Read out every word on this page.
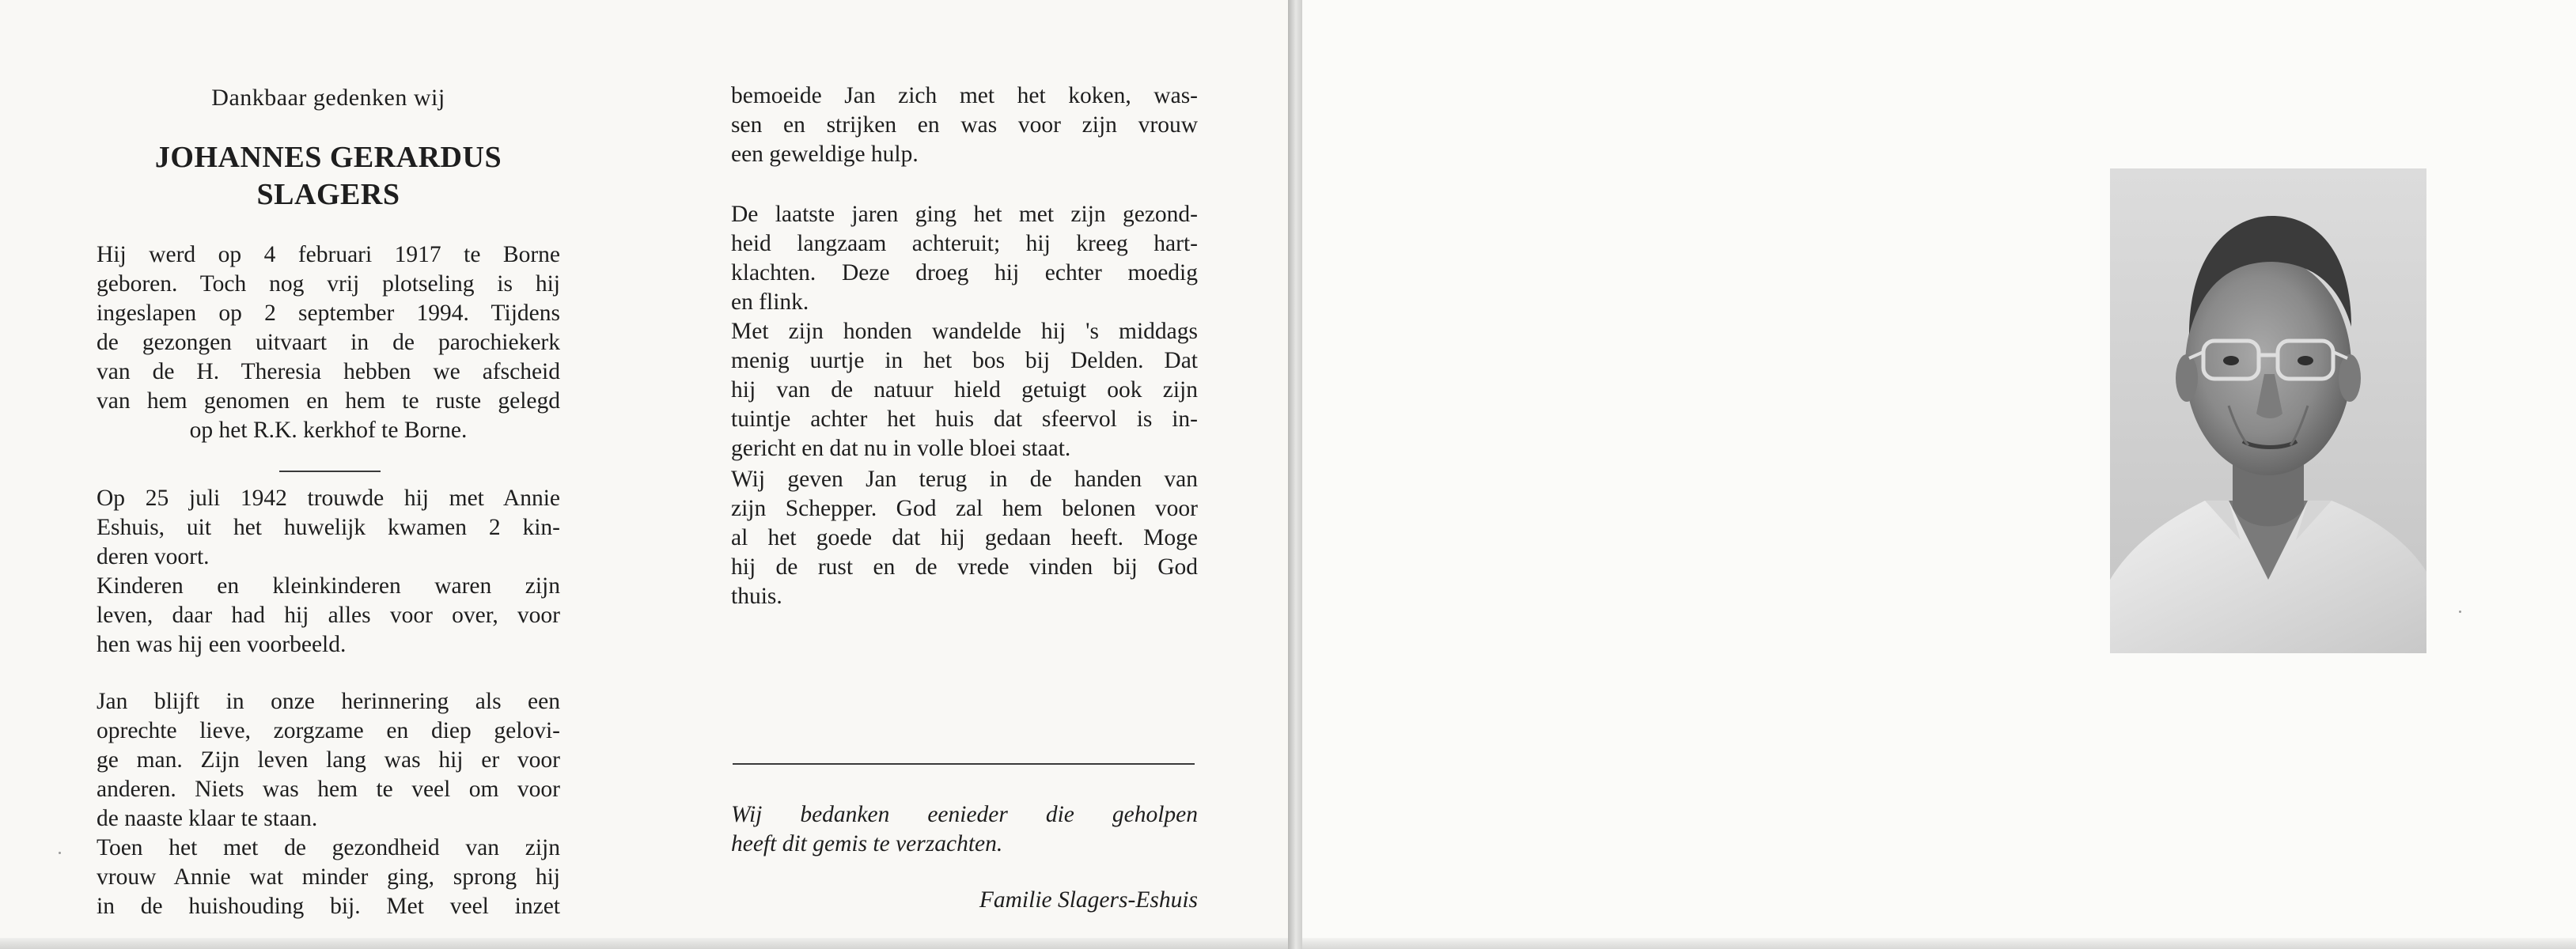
Dankbaar gedenken wij
JOHANNES GERARDUS
SLAGERS

Hij werd op 4 februari 1917 te Borne
geboren. Toch nog vrij plotseling is hij
ingeslapen op 2 september 1994. Tijdens
de gezongen uitvaart in de parochiekerk
van de H. Theresia hebben we afscheid
van hem genomen en hem te ruste gelegd
op het R.K. kerkhof te Borne.

Op 25 juli 1942 trouwde hij met Annie
Eshuis, uit het huwelijk kwamen 2 kin-
deren voort.
Kinderen en kleinkinderen waren zijn
leven, daar had hij alles voor over, voor
hen was hij een voorbeeld.

Jan blijft in onze herinnering als een
oprechte lieve, zorgzame en diep gelovi-
ge man. Zijn leven lang was hij er voor
anderen. Niets was hem te veel om voor
de naaste klaar te staan.
Toen het met de gezondheid van zijn
vrouw Annie wat minder ging, sprong hij
in de huishouding bij. Met veel inzet

bemoeide Jan zich met het koken, was-
sen en strijken en was voor zijn vrouw
een geweldige hulp.

De laatste jaren ging het met zijn gezond-
heid langzaam achteruit; hij kreeg hart-
klachten. Deze droeg hij echter moedig
en flink.
Met zijn honden wandelde hij 's middags
menig uurtje in het bos bij Delden. Dat
hij van de natuur hield getuigt ook zijn
tuintje achter het huis dat sfeervol is in-
gericht en dat nu in volle bloei staat.

Wij geven Jan terug in de handen van
zijn Schepper. God zal hem belonen voor
al het goede dat hij gedaan heeft. Moge
hij de rust en de vrede vinden bij God
thuis.

Wij bedanken eenieder die geholpen
heeft dit gemis te verzachten.

Familie Slagers-Eshuis
